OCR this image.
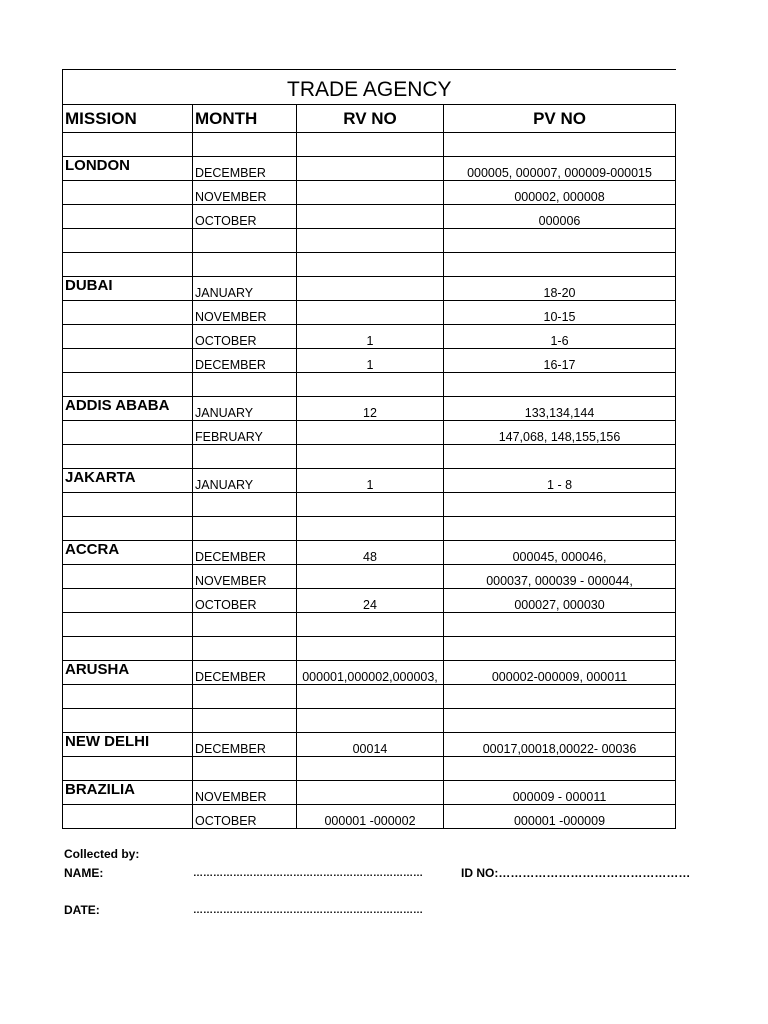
TRADE AGENCY			
MISSION	MONTH	RV NO	PV NO

LONDON	DECEMBER		000005, 000007, 000009-000015
	NOVEMBER		000002, 000008
	OCTOBER		000006

DUBAI	JANUARY		18-20
	NOVEMBER		10-15
	OCTOBER	1	1-6
	DECEMBER	1	16-17

ADDIS ABABA	JANUARY	12	133,134,144
	FEBRUARY		147,068, 148,155,156

JAKARTA	JANUARY	1	1 - 8

ACCRA	DECEMBER	48	000045, 000046,
	NOVEMBER		000037, 000039 - 000044,
	OCTOBER	24	000027, 000030

ARUSHA	DECEMBER	000001,000002,000003,	000002-000009, 000011

NEW DELHI	DECEMBER	00014	00017,00018,00022- 00036

BRAZILIA	NOVEMBER		000009 - 000011
	OCTOBER	000001 -000002	000001 -000009
Collected by:
NAME:	……………………………………………………………	ID NO:…………………………………………
DATE:	……………………………………………………………
